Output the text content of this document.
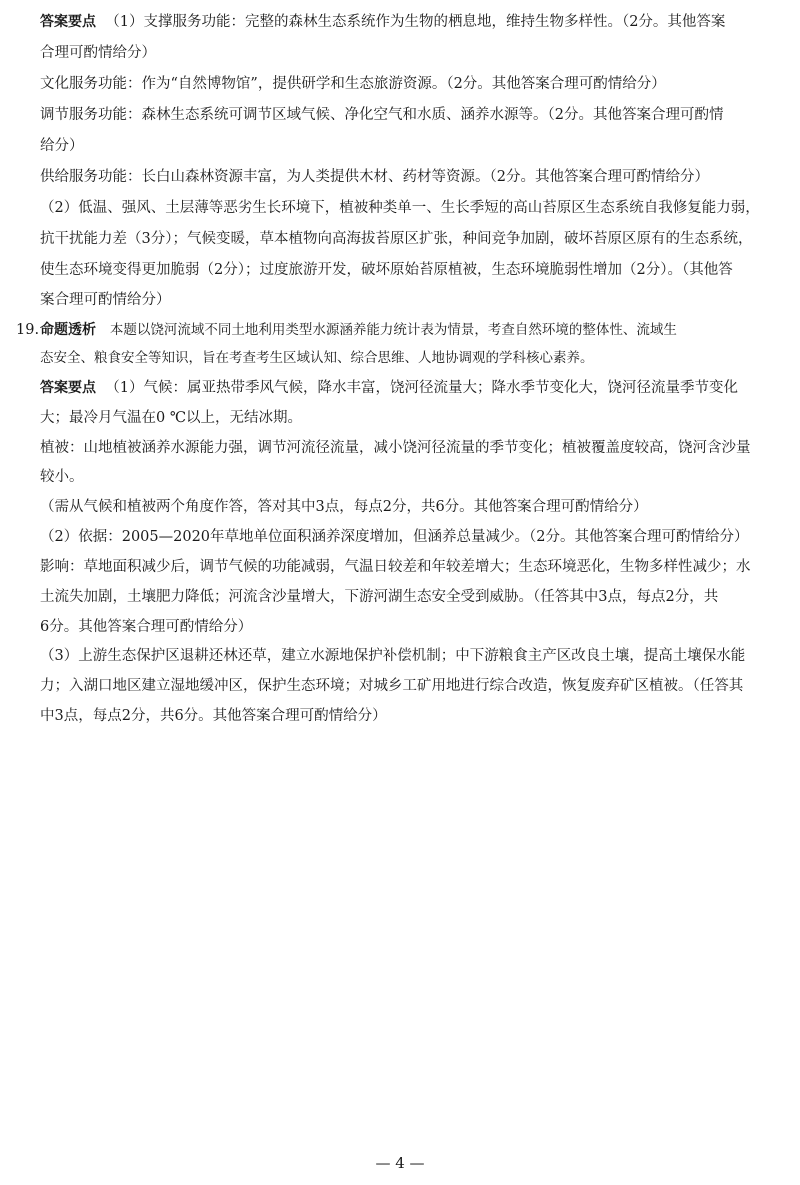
答案要点 （1）支撑服务功能：完整的森林生态系统作为生物的栖息地，维持生物多样性。（2分。其他答案
合理可酌情给分）
文化服务功能：作为“自然博物馆”，提供研学和生态旅游资源。（2分。其他答案合理可酌情给分）
调节服务功能：森林生态系统可调节区域气候、净化空气和水质、涵养水源等。（2分。其他答案合理可酌情
给分）
供给服务功能：长白山森林资源丰富，为人类提供木材、药材等资源。（2分。其他答案合理可酌情给分）
（2）低温、强风、土层薄等恶劣生长环境下，植被种类单一、生长季短的高山苔原区生态系统自我修复能力弱，
抗干扰能力差（3分）；气候变暖，草本植物向高海拔苔原区扩张，种间竞争加剧，破坏苔原区原有的生态系统，
使生态环境变得更加脆弱（2分）；过度旅游开发，破坏原始苔原植被，生态环境脆弱性增加（2分）。（其他答
案合理可酌情给分）
19. 命题透析 本题以饶河流域不同土地利用类型水源涵养能力统计表为情景，考查自然环境的整体性、流域生
态安全、粮食安全等知识，旨在考查考生区域认知、综合思维、人地协调观的学科核心素养。
答案要点 （1）气候：属亚热带季风气候，降水丰富，饶河径流量大；降水季节变化大，饶河径流量季节变化
大；最冷月气温在0 ℃以上，无结冰期。
植被：山地植被涵养水源能力强，调节河流径流量，减小饶河径流量的季节变化；植被覆盖度较高，饶河含沙量
较小。
（需从气候和植被两个角度作答，答对其中3点，每点2分，共6分。其他答案合理可酌情给分）
（2）依据：2005—2020年草地单位面积涵养深度增加，但涵养总量减少。（2分。其他答案合理可酌情给分）
影响：草地面积减少后，调节气候的功能减弱，气温日较差和年较差增大；生态环境恶化，生物多样性减少；水
土流失加剧，土壤肥力降低；河流含沙量增大，下游河湖生态安全受到威胁。（任答其中3点，每点2分，共
6分。其他答案合理可酌情给分）
（3）上游生态保护区退耕还林还草，建立水源地保护补偿机制；中下游粮食主产区改良土壤，提高土壤保水能
力；入湖口地区建立湿地缓冲区，保护生态环境；对城乡工矿用地进行综合改造，恢复废弃矿区植被。（任答其
中3点，每点2分，共6分。其他答案合理可酌情给分）
— 4 —
